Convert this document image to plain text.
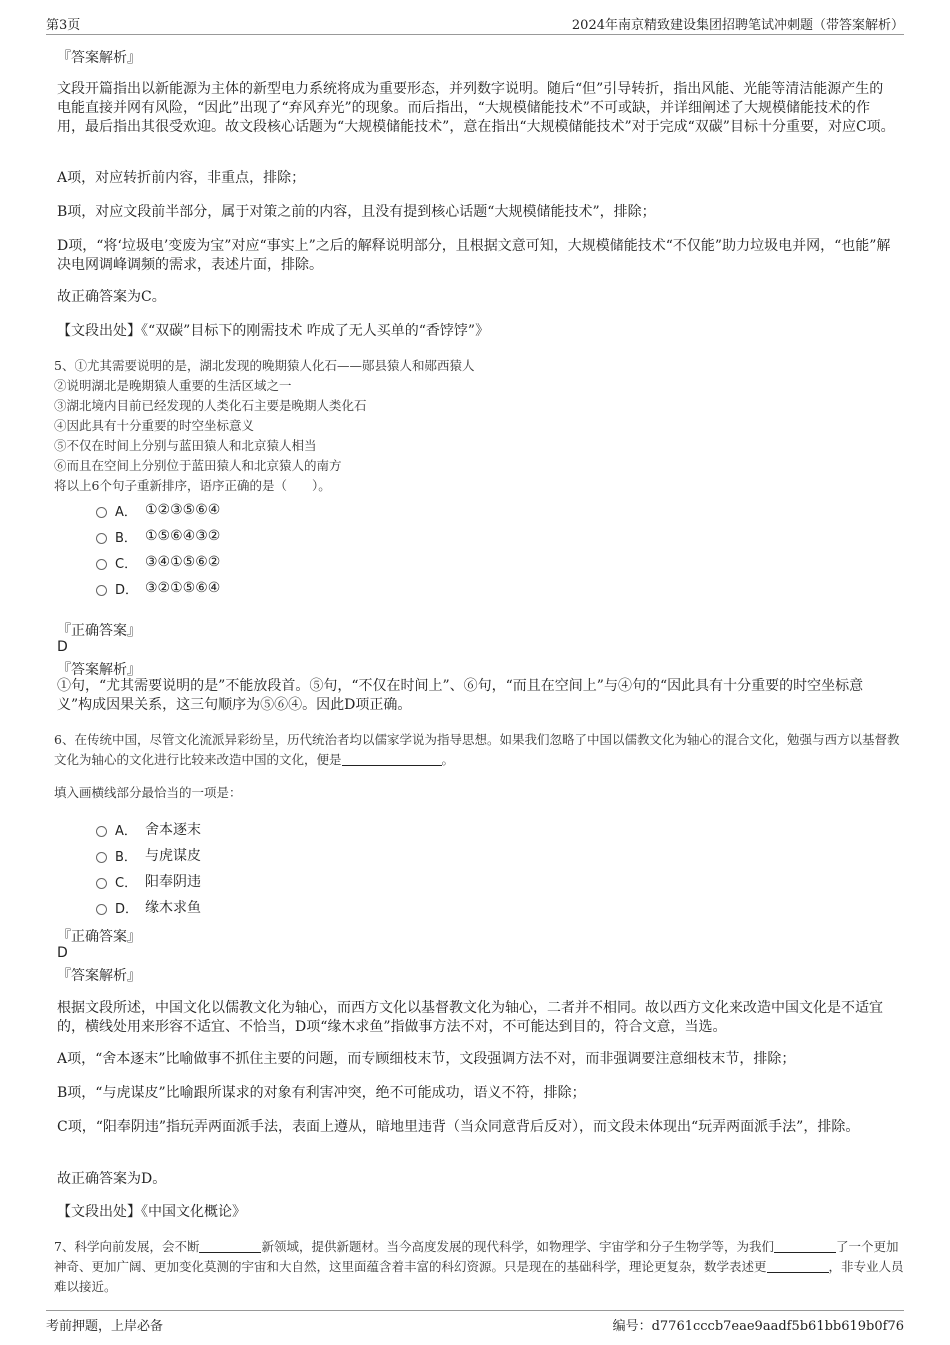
第3页	2024年南京精致建设集团招聘笔试冲刺题（带答案解析）
『答案解析』
文段开篇指出以新能源为主体的新型电力系统将成为重要形态，并列数字说明。随后“但”引导转折，指出风能、光能等清洁能源产生的电能直接并网有风险，“因此”出现了“弃风弃光”的现象。而后指出，“大规模储能技术”不可或缺，并详细阐述了大规模储能技术的作用，最后指出其很受欢迎。故文段核心话题为“大规模储能技术”，意在指出“大规模储能技术”对于完成“双碳”目标十分重要，对应C项。
A项，对应转折前内容，非重点，排除；
B项，对应文段前半部分，属于对策之前的内容，且没有提到核心话题“大规模储能技术”，排除；
D项，“将‘垃圾电’变废为宝”对应“事实上”之后的解释说明部分，且根据文意可知，大规模储能技术“不仅能”助力垃圾电并网，“也能”解决电网调峰调频的需求，表述片面，排除。
故正确答案为C。
【文段出处】《“双碳”目标下的刚需技术 咋成了无人买单的“香饽饽”》
5、①尤其需要说明的是，湖北发现的晚期猿人化石——郧县猿人和郧西猿人
②说明湖北是晚期猿人重要的生活区域之一
③湖北境内目前已经发现的人类化石主要是晚期人类化石
④因此具有十分重要的时空坐标意义
⑤不仅在时间上分别与蓝田猿人和北京猿人相当
⑥而且在空间上分别位于蓝田猿人和北京猿人的南方
将以上6个句子重新排序，语序正确的是（　　）。
A． ①②③⑤⑥④
B． ①⑤⑥④③②
C． ③④①⑤⑥②
D． ③②①⑤⑥④
『正确答案』
D
『答案解析』
①句，“尤其需要说明的是”不能放段首。⑤句，“不仅在时间上”、⑥句，“而且在空间上”与④句的“因此具有十分重要的时空坐标意义”构成因果关系，这三句顺序为⑤⑥④。因此D项正确。
6、在传统中国，尽管文化流派异彩纷呈，历代统治者均以儒家学说为指导思想。如果我们忽略了中国以儒教文化为轴心的混合文化，勉强与西方以基督教文化为轴心的文化进行比较来改造中国的文化，便是	。
填入画横线部分最恰当的一项是：
A． 舍本逐末
B． 与虎谋皮
C． 阳奉阴违
D． 缘木求鱼
『正确答案』
D
『答案解析』
根据文段所述，中国文化以儒教文化为轴心，而西方文化以基督教文化为轴心，二者并不相同。故以西方文化来改造中国文化是不适宜的，横线处用来形容不适宜、不恰当，D项“缘木求鱼”指做事方法不对，不可能达到目的，符合文意，当选。
A项，“舍本逐末”比喻做事不抓住主要的问题，而专顾细枝末节，文段强调方法不对，而非强调要注意细枝末节，排除；
B项，“与虎谋皮”比喻跟所谋求的对象有利害冲突，绝不可能成功，语义不符，排除；
C项，“阳奉阴违”指玩弄两面派手法，表面上遵从，暗地里违背（当众同意背后反对），而文段未体现出“玩弄两面派手法”，排除。
故正确答案为D。
【文段出处】《中国文化概论》
7、科学向前发展，会不断	新领域，提供新题材。当今高度发展的现代科学，如物理学、宇宙学和分子生物学等，为我们	了一个更加神奇、更加广阔、更加变化莫测的宇宙和大自然，这里面蕴含着丰富的科幻资源。只是现在的基础科学，理论更复杂，数学表述更	，非专业人员难以接近。
考前押题，上岸必备	编号：d7761cccb7eae9aadf5b61bb619b0f76
